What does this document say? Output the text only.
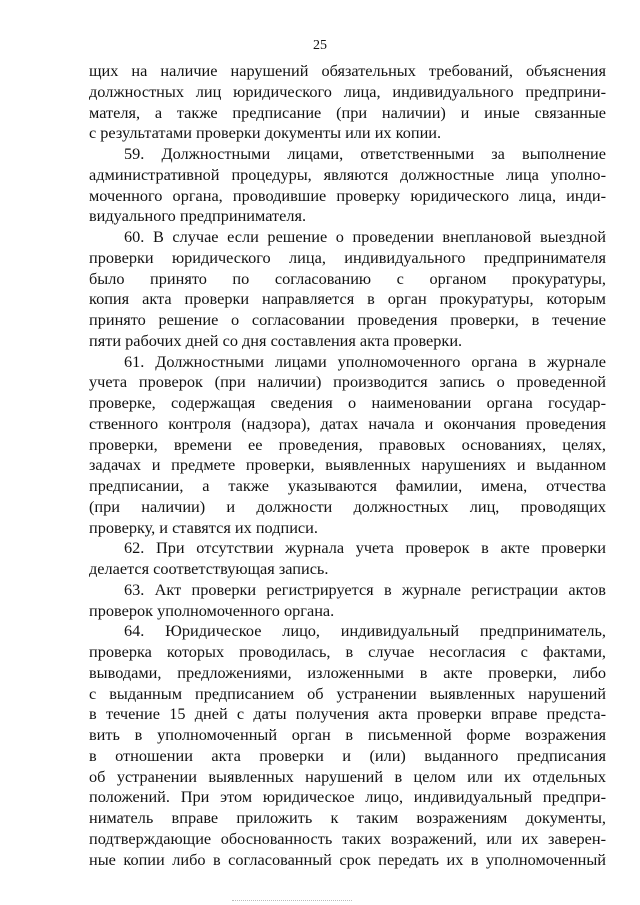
25
щих на наличие нарушений обязательных требований, объяснения
должностных лиц юридического лица, индивидуального предприни-
мателя, а также предписание (при наличии) и иные связанные
с результатами проверки документы или их копии.
59. Должностными лицами, ответственными за выполнение
административной процедуры, являются должностные лица уполно-
моченного органа, проводившие проверку юридического лица, инди-
видуального предпринимателя.
60. В случае если решение о проведении внеплановой выездной
проверки юридического лица, индивидуального предпринимателя
было принято по согласованию с органом прокуратуры,
копия акта проверки направляется в орган прокуратуры, которым
принято решение о согласовании проведения проверки, в течение
пяти рабочих дней со дня составления акта проверки.
61. Должностными лицами уполномоченного органа в журнале
учета проверок (при наличии) производится запись о проведенной
проверке, содержащая сведения о наименовании органа государ-
ственного контроля (надзора), датах начала и окончания проведения
проверки, времени ее проведения, правовых основаниях, целях,
задачах и предмете проверки, выявленных нарушениях и выданном
предписании, а также указываются фамилии, имена, отчества
(при наличии) и должности должностных лиц, проводящих
проверку, и ставятся их подписи.
62. При отсутствии журнала учета проверок в акте проверки
делается соответствующая запись.
63. Акт проверки регистрируется в журнале регистрации актов
проверок уполномоченного органа.
64. Юридическое лицо, индивидуальный предприниматель,
проверка которых проводилась, в случае несогласия с фактами,
выводами, предложениями, изложенными в акте проверки, либо
с выданным предписанием об устранении выявленных нарушений
в течение 15 дней с даты получения акта проверки вправе предста-
вить в уполномоченный орган в письменной форме возражения
в отношении акта проверки и (или) выданного предписания
об устранении выявленных нарушений в целом или их отдельных
положений. При этом юридическое лицо, индивидуальный предпри-
ниматель вправе приложить к таким возражениям документы,
подтверждающие обоснованность таких возражений, или их заверен-
ные копии либо в согласованный срок передать их в уполномоченный
